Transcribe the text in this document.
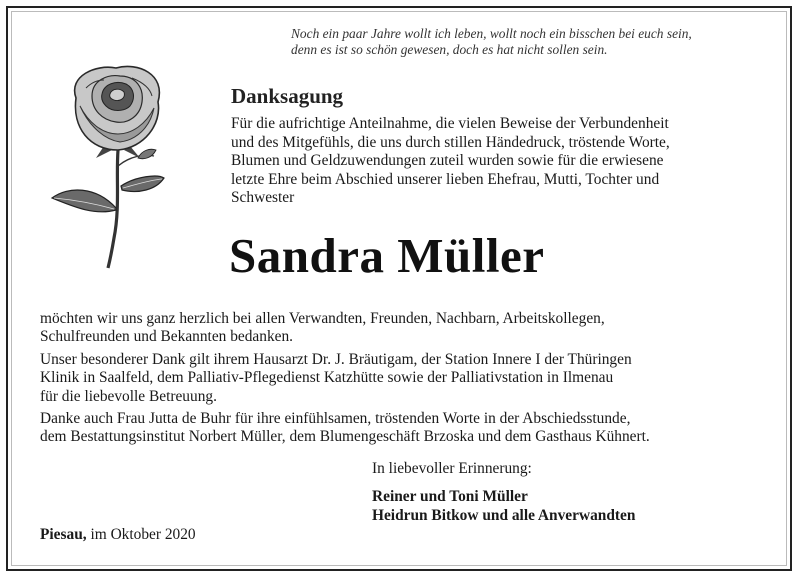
Noch ein paar Jahre wollt ich leben, wollt noch ein bisschen bei euch sein,
denn es ist so schön gewesen, doch es hat nicht sollen sein.
Danksagung
Für die aufrichtige Anteilnahme, die vielen Beweise der Verbundenheit
und des Mitgefühls, die uns durch stillen Händedruck, tröstende Worte,
Blumen und Geldzuwendungen zuteil wurden sowie für die erwiesene
letzte Ehre beim Abschied unserer lieben Ehefrau, Mutti, Tochter und
Schwester
Sandra Müller
möchten wir uns ganz herzlich bei allen Verwandten, Freunden, Nachbarn, Arbeitskollegen,
Schulfreunden und Bekannten bedanken.
Unser besonderer Dank gilt ihrem Hausarzt Dr. J. Bräutigam, der Station Innere I der Thüringen
Klinik in Saalfeld, dem Palliativ-Pflegedienst Katzhütte sowie der Palliativstation in Ilmenau
für die liebevolle Betreuung.
Danke auch Frau Jutta de Buhr für ihre einfühlsamen, tröstenden Worte in der Abschiedsstunde,
dem Bestattungsinstitut Norbert Müller, dem Blumengeschäft Brzoska und dem Gasthaus Kühnert.
In liebevoller Erinnerung:
Reiner und Toni Müller
Heidrun Bitkow und alle Anverwandten
Piesau, im Oktober 2020
